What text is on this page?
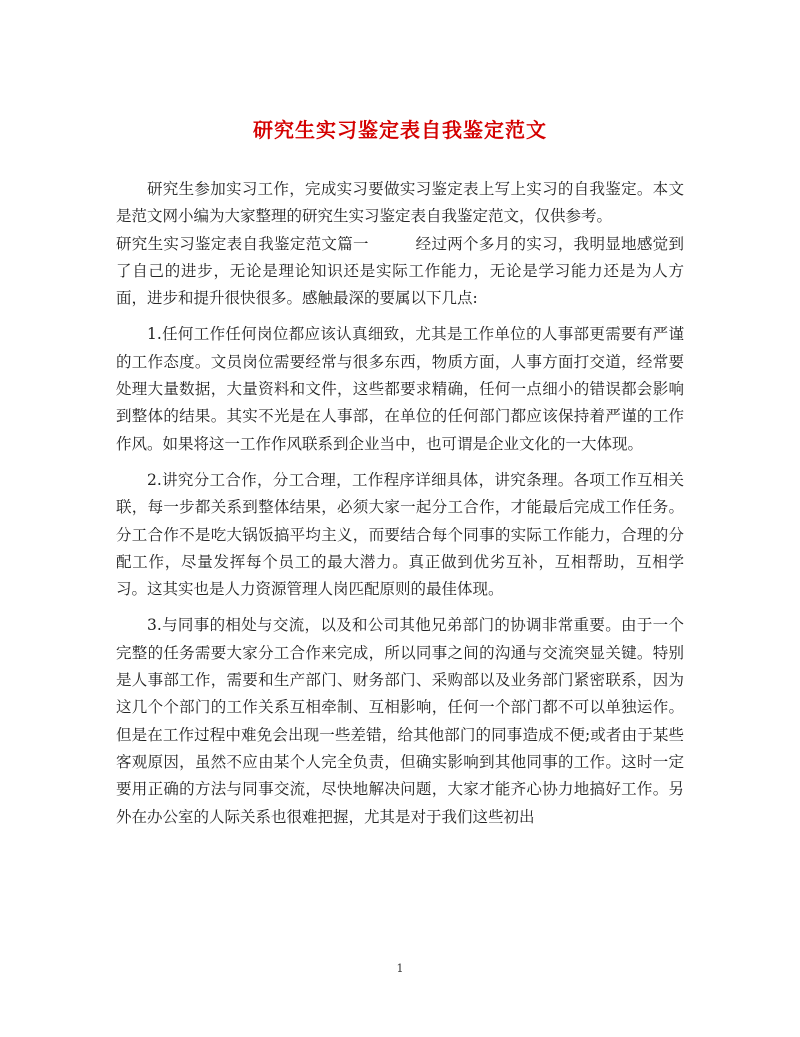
研究生实习鉴定表自我鉴定范文

研究生参加实习工作，完成实习要做实习鉴定表上写上实习的自我鉴定。本文是范文网小编为大家整理的研究生实习鉴定表自我鉴定范文，仅供参考。

研究生实习鉴定表自我鉴定范文篇一	经过两个多月的实习，我明显地感觉到了自己的进步，无论是理论知识还是实际工作能力，无论是学习能力还是为人方面，进步和提升很快很多。感触最深的要属以下几点:

1.任何工作任何岗位都应该认真细致，尤其是工作单位的人事部更需要有严谨的工作态度。文员岗位需要经常与很多东西，物质方面，人事方面打交道，经常要处理大量数据，大量资料和文件，这些都要求精确，任何一点细小的错误都会影响到整体的结果。其实不光是在人事部，在单位的任何部门都应该保持着严谨的工作作风。如果将这一工作作风联系到企业当中，也可谓是企业文化的一大体现。

2.讲究分工合作，分工合理，工作程序详细具体，讲究条理。各项工作互相关联，每一步都关系到整体结果，必须大家一起分工合作，才能最后完成工作任务。分工合作不是吃大锅饭搞平均主义，而要结合每个同事的实际工作能力，合理的分配工作，尽量发挥每个员工的最大潜力。真正做到优劣互补，互相帮助，互相学习。这其实也是人力资源管理人岗匹配原则的最佳体现。

3.与同事的相处与交流，以及和公司其他兄弟部门的协调非常重要。由于一个完整的任务需要大家分工合作来完成，所以同事之间的沟通与交流突显关键。特别是人事部工作，需要和生产部门、财务部门、采购部以及业务部门紧密联系，因为这几个个部门的工作关系互相牵制、互相影响，任何一个部门都不可以单独运作。但是在工作过程中难免会出现一些差错，给其他部门的同事造成不便;或者由于某些客观原因，虽然不应由某个人完全负责，但确实影响到其他同事的工作。这时一定要用正确的方法与同事交流，尽快地解决问题，大家才能齐心协力地搞好工作。另外在办公室的人际关系也很难把握，尤其是对于我们这些初出

1
